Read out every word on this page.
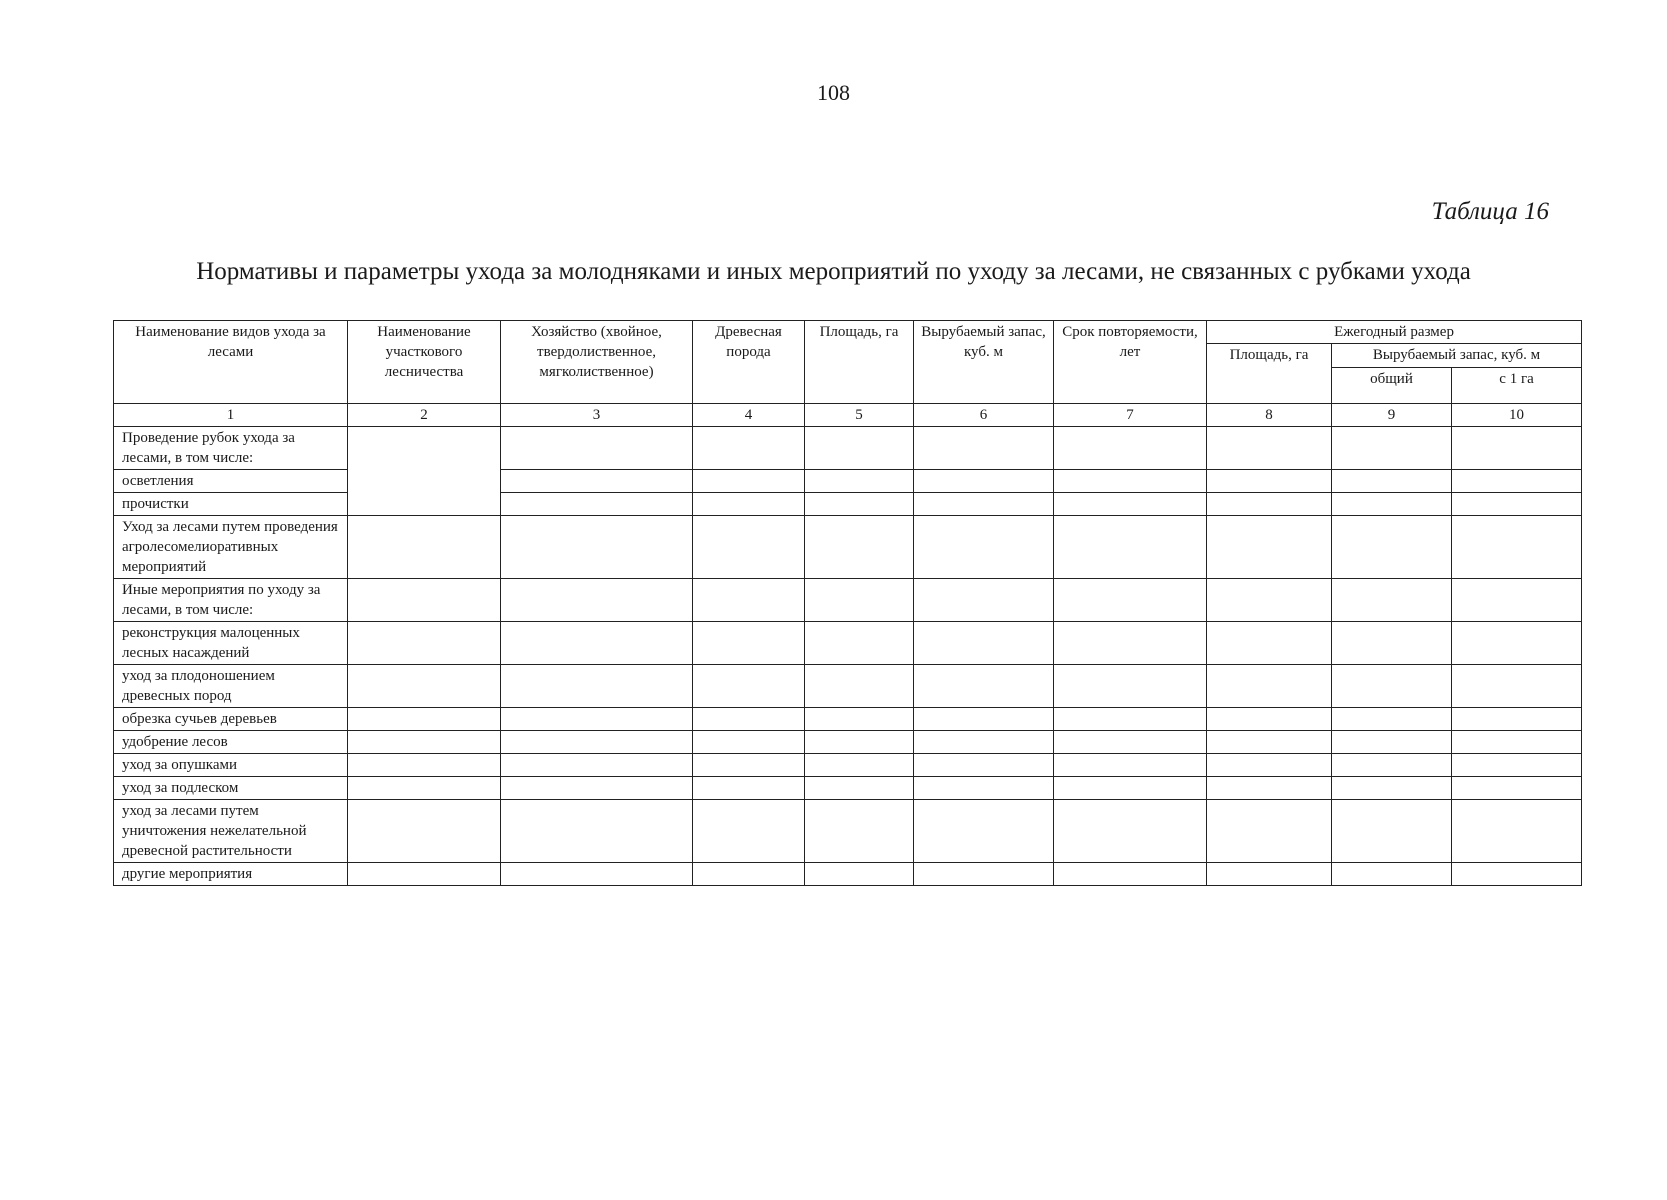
108
Таблица 16
Нормативы и параметры ухода за молодняками и иных мероприятий по уходу за лесами, не связанных с рубками ухода
Наименование видов ухода за лесами	Наименование участкового лесничества	Хозяйство (хвойное, твердолиственное, мягколиственное)	Древесная порода	Площадь, га	Вырубаемый запас, куб. м	Срок повторяемости, лет	Ежегодный размер		
							Площадь, га	Вырубаемый запас, куб. м	
								общий	с 1 га
1	2	3	4	5	6	7	8	9	10
Проведение рубок ухода за лесами, в том числе:									
осветления									
прочистки									
Уход за лесами путем проведения агролесомелиоративных мероприятий									
Иные мероприятия по уходу за лесами, в том числе:									
реконструкция малоценных лесных насаждений									
уход за плодоношением древесных пород									
обрезка сучьев деревьев									
удобрение лесов									
уход за опушками									
уход за подлеском									
уход за лесами путем уничтожения нежелательной древесной растительности									
другие мероприятия									
